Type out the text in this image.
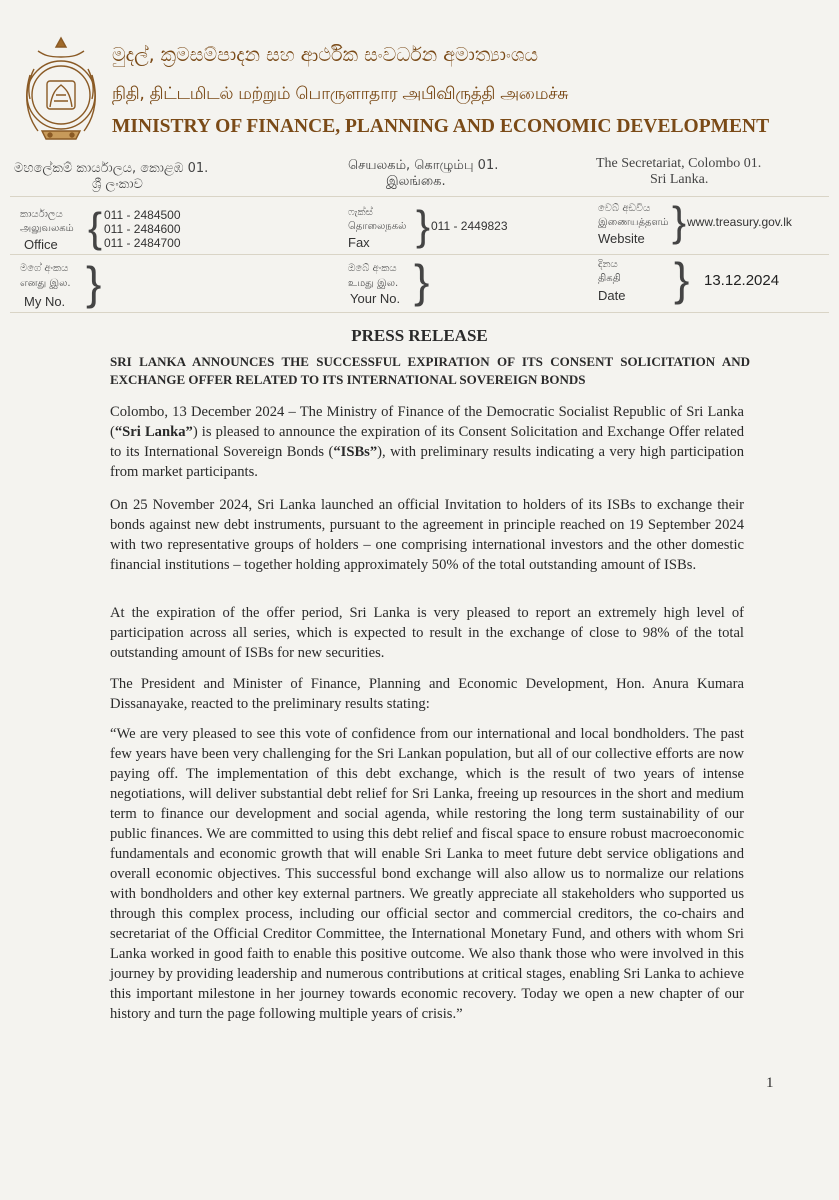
මුදල්, ක්‍රමසම්පාදන සහ ආර්ථික සංවර්ධන අමාත්‍යාංශය
நிதி, திட்டமிடல் மற்றும் பொருளாதார அபிவிருத்தி அமைச்சு
MINISTRY OF FINANCE, PLANNING AND ECONOMIC DEVELOPMENT
මහලේකම් කාර්යාලය, කොළඹ 01.
ශ්‍රී ලංකාව
செயலகம், கொழும்பு 01.
இலங்கை.
The Secretariat, Colombo 01.
Sri Lanka.
කාර්යාලය
அலுவலகம்
Office { 011 - 2484500
011 - 2484600
011 - 2484700
ෆැක්ස්
தொலைநகல்
Fax } 011 - 2449823
වෙබ් අඩවිය
இணையத்தளம்
Website } www.treasury.gov.lk
මගේ අංකය
எனது இல.
My No. }	ඔබේ අංකය
உமது இல.
Your No. }	දිනය
திகதி
Date } 13.12.2024
PRESS RELEASE
SRI LANKA ANNOUNCES THE SUCCESSFUL EXPIRATION OF ITS CONSENT SOLICITATION AND EXCHANGE OFFER RELATED TO ITS INTERNATIONAL SOVEREIGN BONDS
Colombo, 13 December 2024 – The Ministry of Finance of the Democratic Socialist Republic of Sri Lanka (“Sri Lanka”) is pleased to announce the expiration of its Consent Solicitation and Exchange Offer related to its International Sovereign Bonds (“ISBs”), with preliminary results indicating a very high participation from market participants.
On 25 November 2024, Sri Lanka launched an official Invitation to holders of its ISBs to exchange their bonds against new debt instruments, pursuant to the agreement in principle reached on 19 September 2024 with two representative groups of holders – one comprising international investors and the other domestic financial institutions – together holding approximately 50% of the total outstanding amount of ISBs.
At the expiration of the offer period, Sri Lanka is very pleased to report an extremely high level of participation across all series, which is expected to result in the exchange of close to 98% of the total outstanding amount of ISBs for new securities.
The President and Minister of Finance, Planning and Economic Development, Hon. Anura Kumara Dissanayake, reacted to the preliminary results stating:
“We are very pleased to see this vote of confidence from our international and local bondholders. The past few years have been very challenging for the Sri Lankan population, but all of our collective efforts are now paying off. The implementation of this debt exchange, which is the result of two years of intense negotiations, will deliver substantial debt relief for Sri Lanka, freeing up resources in the short and medium term to finance our development and social agenda, while restoring the long term sustainability of our public finances. We are committed to using this debt relief and fiscal space to ensure robust macroeconomic fundamentals and economic growth that will enable Sri Lanka to meet future debt service obligations and overall economic objectives. This successful bond exchange will also allow us to normalize our relations with bondholders and other key external partners. We greatly appreciate all stakeholders who supported us through this complex process, including our official sector and commercial creditors, the co-chairs and secretariat of the Official Creditor Committee, the International Monetary Fund, and others with whom Sri Lanka worked in good faith to enable this positive outcome. We also thank those who were involved in this journey by providing leadership and numerous contributions at critical stages, enabling Sri Lanka to achieve this important milestone in her journey towards economic recovery. Today we open a new chapter of our history and turn the page following multiple years of crisis.”
1
